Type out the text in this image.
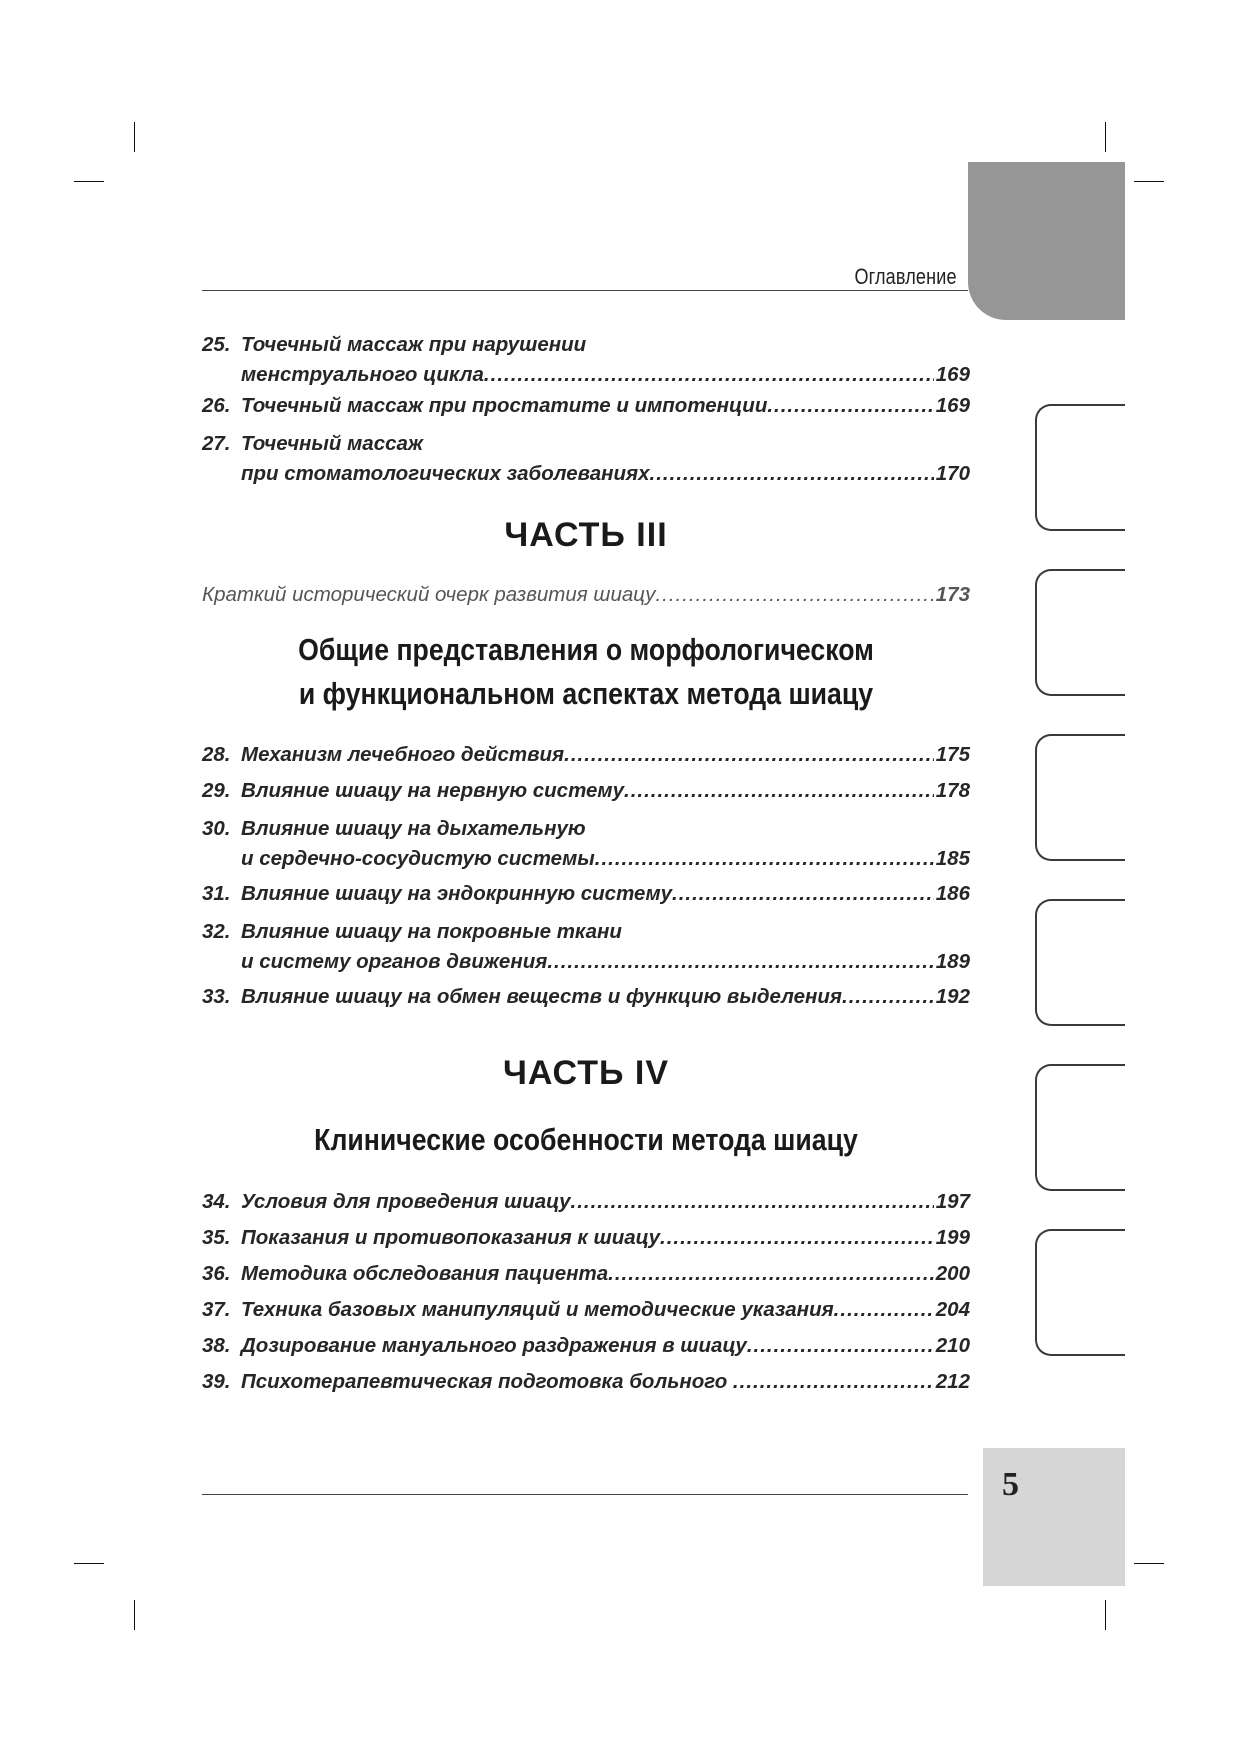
Оглавление
25. Точечный массаж при нарушении
менструального цикла .....	169
26. Точечный массаж при простатите и импотенции .....	169
27. Точечный массаж
при стоматологических заболеваниях .....	170
ЧАСТЬ III
Краткий исторический очерк развития шиацу .....	173
Общие представления о морфологическом
и функциональном аспектах метода шиацу
28. Механизм лечебного действия .....	175
29. Влияние шиацу на нервную систему .....	178
30. Влияние шиацу на дыхательную
и сердечно-сосудистую системы .....	185
31. Влияние шиацу на эндокринную систему .....	186
32. Влияние шиацу на покровные ткани
и систему органов движения .....	189
33. Влияние шиацу на обмен веществ и функцию выделения .....	192
ЧАСТЬ IV
Клинические особенности метода шиацу
34. Условия для проведения шиацу .....	197
35. Показания и противопоказания к шиацу .....	199
36. Методика обследования пациента .....	200
37. Техника базовых манипуляций и методические указания .....	204
38. Дозирование мануального раздражения в шиацу .....	210
39. Психотерапевтическая подготовка больного .....	212
5
